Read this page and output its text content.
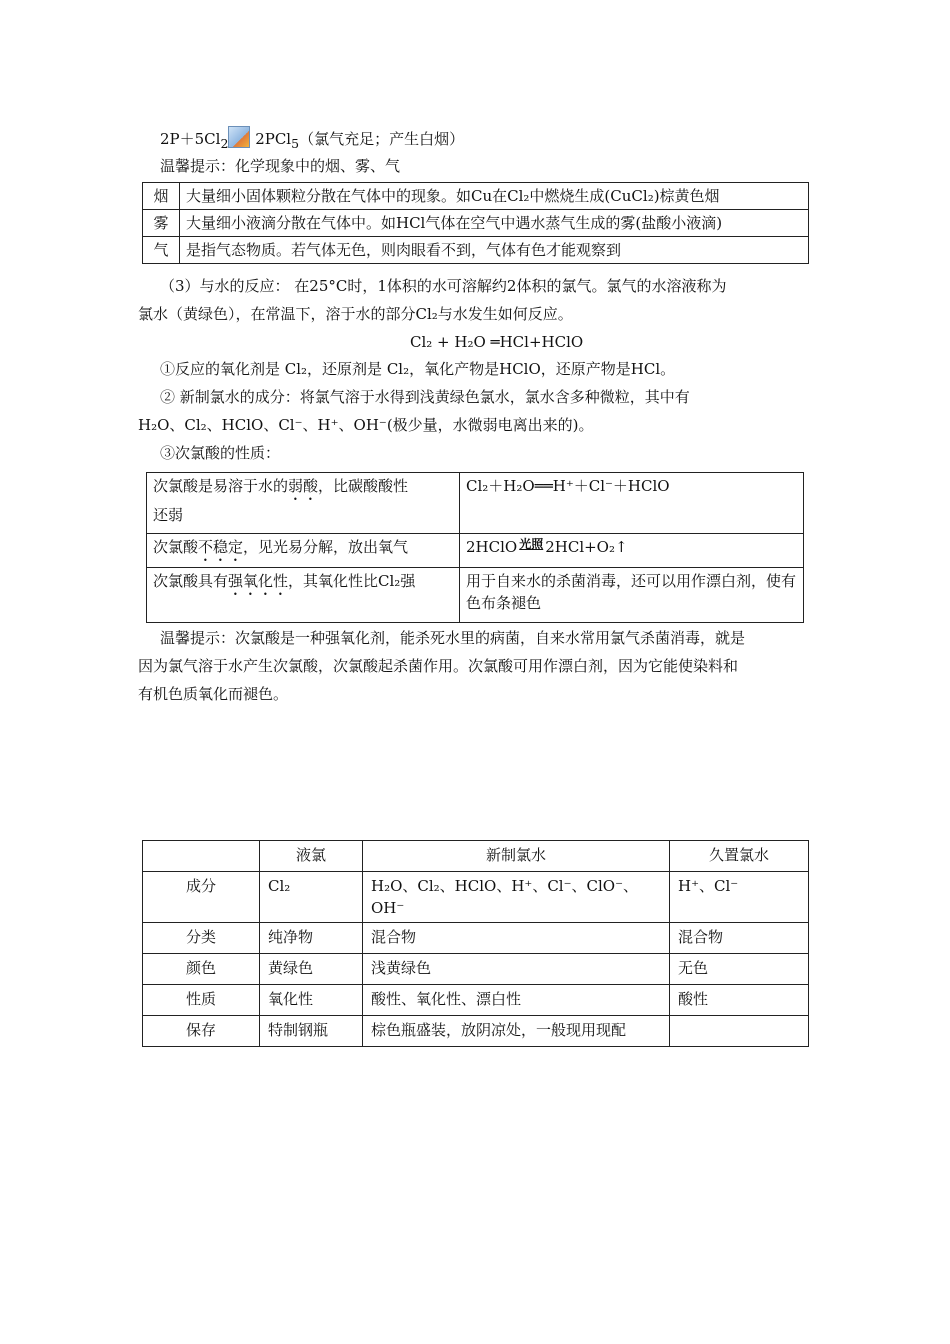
$2P+5Cl_2$ 2PCl$_5$（氯气充足；产生白烟）
温馨提示：化学现象中的烟、雾、气
烟	大量细小固体颗粒分散在气体中的现象。如Cu在Cl₂中燃烧生成(CuCl₂)棕黄色烟
雾	大量细小液滴分散在气体中。如HCl气体在空气中遇水蒸气生成的雾(盐酸小液滴)
气	是指气态物质。若气体无色，则肉眼看不到，气体有色才能观察到
（3）与水的反应： 在25°C时，1体积的水可溶解约2体积的氯气。氯气的水溶液称为
氯水（黄绿色），在常温下，溶于水的部分Cl₂与水发生如何反应。
Cl₂ + H₂O ═HCl+HClO
①反应的氧化剂是 Cl₂，还原剂是 Cl₂，氧化产物是HClO，还原产物是HCl。
② 新制氯水的成分：将氯气溶于水得到浅黄绿色氯水，氯水含多种微粒，其中有
H₂O、Cl₂、HClO、Cl⁻、H⁺、OH⁻(极少量，水微弱电离出来的)。
③次氯酸的性质：
次氯酸是易溶于水的弱酸，比碳酸酸性
还弱	Cl₂＋H₂O══H⁺＋Cl⁻＋HClO
次氯酸不稳定，见光易分解，放出氧气	2HClO $^{光照}$ 2HCl+O₂↑
次氯酸具有强氧化性，其氧化性比Cl₂强	用于自来水的杀菌消毒，还可以用作漂白剂，使有色布条褪色
温馨提示：次氯酸是一种强氧化剂，能杀死水里的病菌，自来水常用氯气杀菌消毒，就是
因为氯气溶于水产生次氯酸，次氯酸起杀菌作用。次氯酸可用作漂白剂，因为它能使染料和
有机色质氧化而褪色。
	液氯	新制氯水	久置氯水
成分	Cl₂	H₂O、Cl₂、HClO、H⁺、Cl⁻、ClO⁻、OH⁻	H⁺、Cl⁻
分类	纯净物	混合物	混合物
颜色	黄绿色	浅黄绿色	无色
性质	氧化性	酸性、氧化性、漂白性	酸性
保存	特制钢瓶	棕色瓶盛装，放阴凉处，一般现用现配	
